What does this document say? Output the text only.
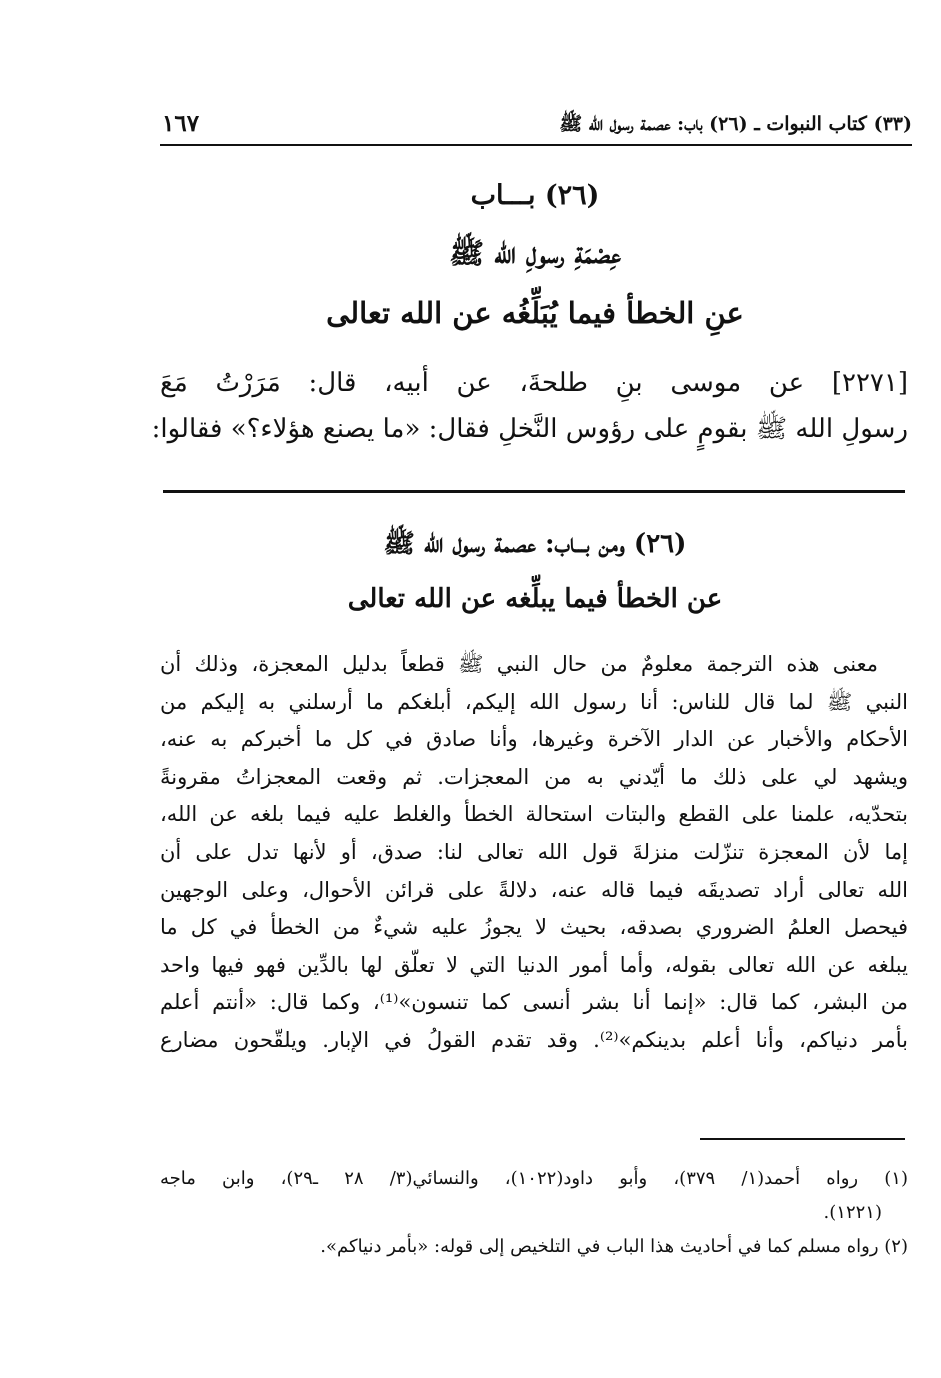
(٣٣) كتاب النبوات ـ (٢٦) باب: عصمة رسول الله ﷺ
١٦٧
(٢٦) بـــاب
عِصْمَةِ رسولِ الله ﷺ
عنِ الخطأ فيما يُبَلِّغُه عن الله تعالى
[٢٢٧١] عن موسى بنِ طلحةَ، عن أبيه، قال: مَرَرْتُ مَعَ
رسولِ الله ﷺ بقومٍ على رؤوس النَّخلِ فقال: «ما يصنع هؤلاء؟» فقالوا:
(٢٦) ومن بـــاب: عصمة رسول الله ﷺ
عن الخطأ فيما يبلِّغه عن الله تعالى
معنى هذه الترجمة معلومٌ من حال النبي ﷺ قطعاً بدليل المعجزة، وذلك أن
النبي ﷺ لما قال للناس: أنا رسول الله إليكم، أبلغكم ما أرسلني به إليكم من
الأحكام والأخبار عن الدار الآخرة وغيرها، وأنا صادق في كل ما أخبركم به عنه،
ويشهد لي على ذلك ما أيّدني به من المعجزات. ثم وقعت المعجزاتُ مقرونةً
بتحدّيه، علمنا على القطع والبتات استحالة الخطأ والغلط عليه فيما بلغه عن الله،
إما لأن المعجزة تنزّلت منزلةَ قول الله تعالى لنا: صدق، أو لأنها تدل على أن
الله تعالى أراد تصديقَه فيما قاله عنه، دلالةً على قرائن الأحوال، وعلى الوجهين
فيحصل العلمُ الضروري بصدقه، بحيث لا يجوزُ عليه شيءٌ من الخطأ في كل ما
يبلغه عن الله تعالى بقوله، وأما أمور الدنيا التي لا تعلّق لها بالدِّين فهو فيها واحد
من البشر، كما قال: «إنما أنا بشر أنسى كما تنسون»⁽¹⁾، وكما قال: «أنتم أعلم
بأمر دنياكم، وأنا أعلم بدينكم»⁽²⁾. وقد تقدم القولُ في الإبار. ويلقّحون مضارع
(١) رواه أحمد(١/ ٣٧٩)، وأبو داود(١٠٢٢)، والنسائي(٣/ ٢٨ ـ٢٩)، وابن ماجه
(١٢٢١).
(٢) رواه مسلم كما في أحاديث هذا الباب في التلخيص إلى قوله: «بأمر دنياكم».
